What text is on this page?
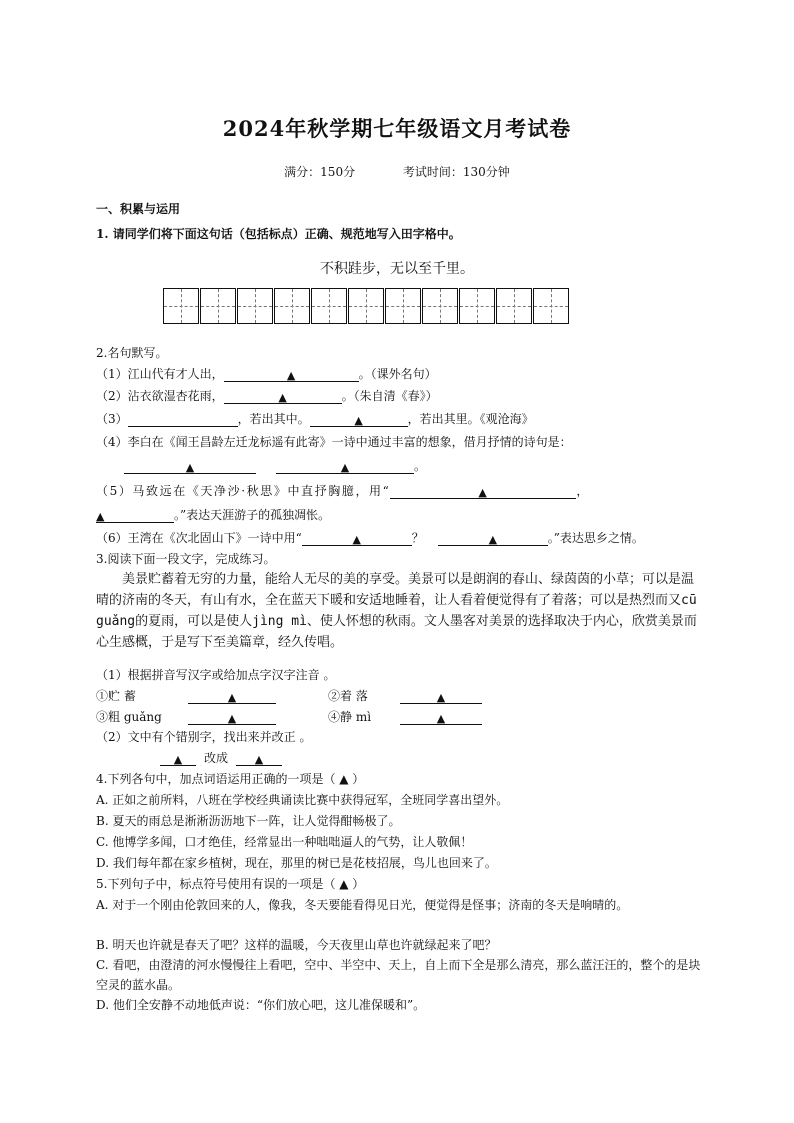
2024年秋学期七年级语文月考试卷
满分：150分	考试时间：130分钟
一、积累与运用
1. 请同学们将下面这句话（包括标点）正确、规范地写入田字格中。
不积跬步，无以至千里。
2.名句默写。
（1）江山代有才人出，	▲	。（课外名句）
（2）沾衣欲湿杏花雨，	▲	。（朱自清《春》）
（3）	，若出其中。	▲	，若出其里。《观沧海》
（4）李白在《闻王昌龄左迁龙标遥有此寄》一诗中通过丰富的想象，借月抒情的诗句是：
▲	▲	。
（5）马致远在《天净沙·秋思》中直抒胸臆，用“	▲	，
▲	。”表达天涯游子的孤独凋怅。
（6）王湾在《次北固山下》一诗中用“	▲	？	▲	。”表达思乡之情。
3.阅读下面一段文字，完成练习。

美景贮蓄着无穷的力量，能给人无尽的美的享受。美景可以是朗润的春山、绿茵茵的小草；可以是温晴的济南的冬天，有山有水，全在蓝天下暖和安适地睡着，让人看着便觉得有了着落；可以是热烈而又cū guǎng的夏雨，可以是使人jìng mì、使人怀想的秋雨。文人墨客对美景的选择取决于内心，欣赏美景而心生感概，于是写下至美篇章，经久传唱。

（1）根据拼音写汉字或给加点字汉字注音 。
①贮 蓄	▲	②着 落	▲
③粗 guǎng	▲	④静 mì	▲
（2）文中有个错别字，找出来并改正 。
▲ 改成 ▲
4.下列各句中，加点词语运用正确的一项是（ ▲ ）
A. 正如之前所料，八班在学校经典诵读比赛中获得冠军，全班同学喜出望外。
B. 夏天的雨总是淅淅沥沥地下一阵，让人觉得酣畅极了。
C. 他博学多闻，口才绝佳，经常显出一种咄咄逼人的气势，让人敬佩！
D. 我们每年都在家乡植树，现在，那里的树已是花枝招展，鸟儿也回来了。
5.下列句子中，标点符号使用有误的一项是（ ▲ ）
A. 对于一个刚由伦敦回来的人，像我，冬天要能看得见日光，便觉得是怪事；济南的冬天是响晴的。
B. 明天也许就是春天了吧？这样的温暖，今天夜里山草也许就绿起来了吧？
C. 看吧，由澄清的河水慢慢往上看吧，空中、半空中、天上，自上而下全是那么清亮，那么蓝汪汪的，整个的是块空灵的蓝水晶。
D. 他们全安静不动地低声说：“你们放心吧，这儿准保暖和”。
